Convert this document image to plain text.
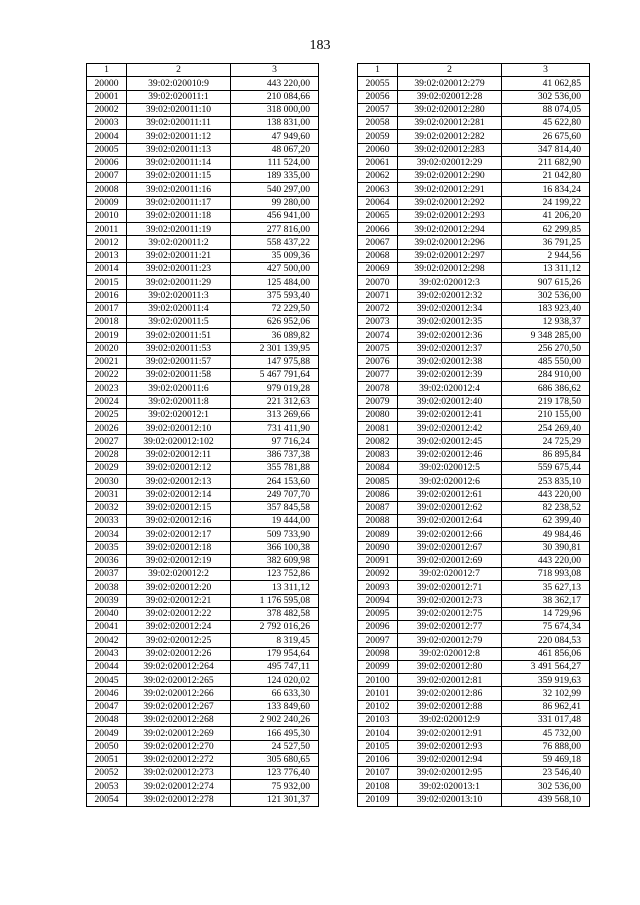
183
1	2	3
20000	39:02:020010:9	443 220,00
20001	39:02:020011:1	210 084,66
20002	39:02:020011:10	318 000,00
20003	39:02:020011:11	138 831,00
20004	39:02:020011:12	47 949,60
20005	39:02:020011:13	48 067,20
20006	39:02:020011:14	111 524,00
20007	39:02:020011:15	189 335,00
20008	39:02:020011:16	540 297,00
20009	39:02:020011:17	99 280,00
20010	39:02:020011:18	456 941,00
20011	39:02:020011:19	277 816,00
20012	39:02:020011:2	558 437,22
20013	39:02:020011:21	35 009,36
20014	39:02:020011:23	427 500,00
20015	39:02:020011:29	125 484,00
20016	39:02:020011:3	375 593,40
20017	39:02:020011:4	72 229,50
20018	39:02:020011:5	626 952,06
20019	39:02:020011:51	36 089,82
20020	39:02:020011:53	2 301 139,95
20021	39:02:020011:57	147 975,88
20022	39:02:020011:58	5 467 791,64
20023	39:02:020011:6	979 019,28
20024	39:02:020011:8	221 312,63
20025	39:02:020012:1	313 269,66
20026	39:02:020012:10	731 411,90
20027	39:02:020012:102	97 716,24
20028	39:02:020012:11	386 737,38
20029	39:02:020012:12	355 781,88
20030	39:02:020012:13	264 153,60
20031	39:02:020012:14	249 707,70
20032	39:02:020012:15	357 845,58
20033	39:02:020012:16	19 444,00
20034	39:02:020012:17	509 733,90
20035	39:02:020012:18	366 100,38
20036	39:02:020012:19	382 609,98
20037	39:02:020012:2	123 752,86
20038	39:02:020012:20	13 311,12
20039	39:02:020012:21	1 176 595,08
20040	39:02:020012:22	378 482,58
20041	39:02:020012:24	2 792 016,26
20042	39:02:020012:25	8 319,45
20043	39:02:020012:26	179 954,64
20044	39:02:020012:264	495 747,11
20045	39:02:020012:265	124 020,02
20046	39:02:020012:266	66 633,30
20047	39:02:020012:267	133 849,60
20048	39:02:020012:268	2 902 240,26
20049	39:02:020012:269	166 495,30
20050	39:02:020012:270	24 527,50
20051	39:02:020012:272	305 680,65
20052	39:02:020012:273	123 776,40
20053	39:02:020012:274	75 932,00
20054	39:02:020012:278	121 301,37
1	2	3
20055	39:02:020012:279	41 062,85
20056	39:02:020012:28	302 536,00
20057	39:02:020012:280	88 074,05
20058	39:02:020012:281	45 622,80
20059	39:02:020012:282	26 675,60
20060	39:02:020012:283	347 814,40
20061	39:02:020012:29	211 682,90
20062	39:02:020012:290	21 042,80
20063	39:02:020012:291	16 834,24
20064	39:02:020012:292	24 199,22
20065	39:02:020012:293	41 206,20
20066	39:02:020012:294	62 299,85
20067	39:02:020012:296	36 791,25
20068	39:02:020012:297	2 944,56
20069	39:02:020012:298	13 311,12
20070	39:02:020012:3	907 615,26
20071	39:02:020012:32	302 536,00
20072	39:02:020012:34	183 923,40
20073	39:02:020012:35	12 938,37
20074	39:02:020012:36	9 348 285,00
20075	39:02:020012:37	256 270,50
20076	39:02:020012:38	485 550,00
20077	39:02:020012:39	284 910,00
20078	39:02:020012:4	686 386,62
20079	39:02:020012:40	219 178,50
20080	39:02:020012:41	210 155,00
20081	39:02:020012:42	254 269,40
20082	39:02:020012:45	24 725,29
20083	39:02:020012:46	86 895,84
20084	39:02:020012:5	559 675,44
20085	39:02:020012:6	253 835,10
20086	39:02:020012:61	443 220,00
20087	39:02:020012:62	82 238,52
20088	39:02:020012:64	62 399,40
20089	39:02:020012:66	49 984,46
20090	39:02:020012:67	30 390,81
20091	39:02:020012:69	443 220,00
20092	39:02:020012:7	718 993,08
20093	39:02:020012:71	35 627,13
20094	39:02:020012:73	38 362,17
20095	39:02:020012:75	14 729,96
20096	39:02:020012:77	75 674,34
20097	39:02:020012:79	220 084,53
20098	39:02:020012:8	461 856,06
20099	39:02:020012:80	3 491 564,27
20100	39:02:020012:81	359 919,63
20101	39:02:020012:86	32 102,99
20102	39:02:020012:88	86 962,41
20103	39:02:020012:9	331 017,48
20104	39:02:020012:91	45 732,00
20105	39:02:020012:93	76 888,00
20106	39:02:020012:94	59 469,18
20107	39:02:020012:95	23 546,40
20108	39:02:020013:1	302 536,00
20109	39:02:020013:10	439 568,10
